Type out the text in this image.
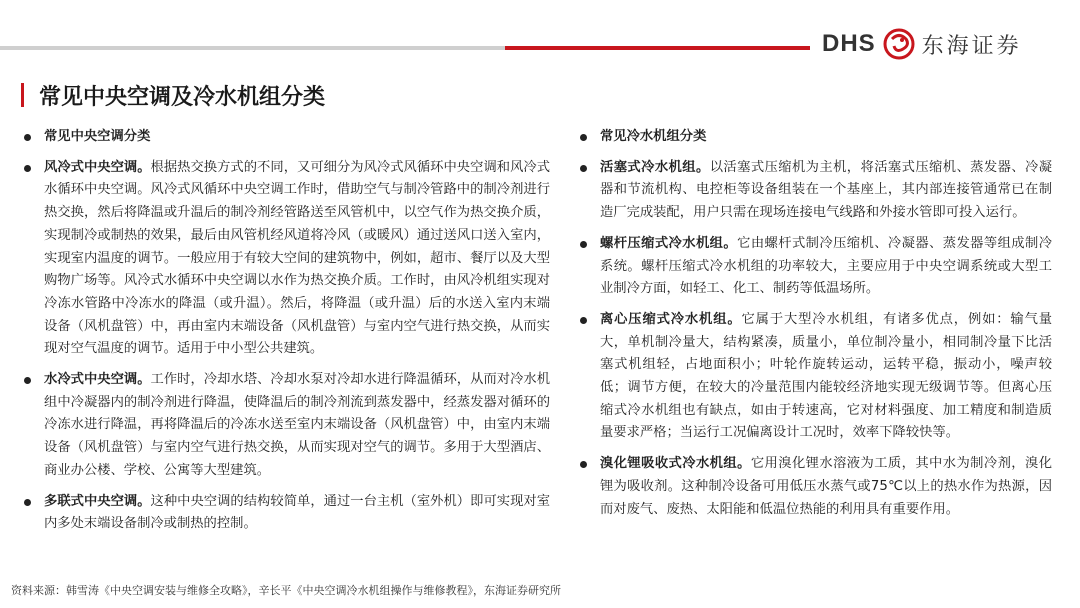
DHS 东海证券
常见中央空调及冷水机组分类
常见中央空调分类
风冷式中央空调。根据热交换方式的不同，又可细分为风冷式风循环中央空调和风冷式水循环中央空调。风冷式风循环中央空调工作时，借助空气与制冷管路中的制冷剂进行热交换，然后将降温或升温后的制冷剂经管路送至风管机中，以空气作为热交换介质，实现制冷或制热的效果，最后由风管机经风道将冷风（或暖风）通过送风口送入室内，实现室内温度的调节。一般应用于有较大空间的建筑物中，例如，超市、餐厅以及大型购物广场等。风冷式水循环中央空调以水作为热交换介质。工作时，由风冷机组实现对冷冻水管路中冷冻水的降温（或升温）。然后，将降温（或升温）后的水送入室内末端设备（风机盘管）中，再由室内末端设备（风机盘管）与室内空气进行热交换，从而实现对空气温度的调节。适用于中小型公共建筑。
水冷式中央空调。工作时，冷却水塔、冷却水泵对冷却水进行降温循环，从而对冷水机组中冷凝器内的制冷剂进行降温，使降温后的制冷剂流到蒸发器中，经蒸发器对循环的冷冻水进行降温，再将降温后的冷冻水送至室内末端设备（风机盘管）中，由室内末端设备（风机盘管）与室内空气进行热交换，从而实现对空气的调节。多用于大型酒店、商业办公楼、学校、公寓等大型建筑。
多联式中央空调。这种中央空调的结构较简单，通过一台主机（室外机）即可实现对室内多处末端设备制冷或制热的控制。
常见冷水机组分类
活塞式冷水机组。以活塞式压缩机为主机，将活塞式压缩机、蒸发器、冷凝器和节流机构、电控柜等设备组装在一个基座上，其内部连接管通常已在制造厂完成装配，用户只需在现场连接电气线路和外接水管即可投入运行。
螺杆压缩式冷水机组。它由螺杆式制冷压缩机、冷凝器、蒸发器等组成制冷系统。螺杆压缩式冷水机组的功率较大，主要应用于中央空调系统或大型工业制冷方面，如轻工、化工、制药等低温场所。
离心压缩式冷水机组。它属于大型冷水机组，有诸多优点，例如：输气量大，单机制冷量大，结构紧凑，质量小，单位制冷量小，相同制冷量下比活塞式机组轻，占地面积小；叶轮作旋转运动，运转平稳，振动小，噪声较低；调节方便，在较大的冷量范围内能较经济地实现无级调节等。但离心压缩式冷水机组也有缺点，如由于转速高，它对材料强度、加工精度和制造质量要求严格；当运行工况偏离设计工况时，效率下降较快等。
溴化锂吸收式冷水机组。它用溴化锂水溶液为工质，其中水为制冷剂，溴化锂为吸收剂。这种制冷设备可用低压水蒸气或75℃以上的热水作为热源，因而对废气、废热、太阳能和低温位热能的利用具有重要作用。
资料来源：韩雪涛《中央空调安装与维修全攻略》，辛长平《中央空调冷水机组操作与维修教程》，东海证券研究所
